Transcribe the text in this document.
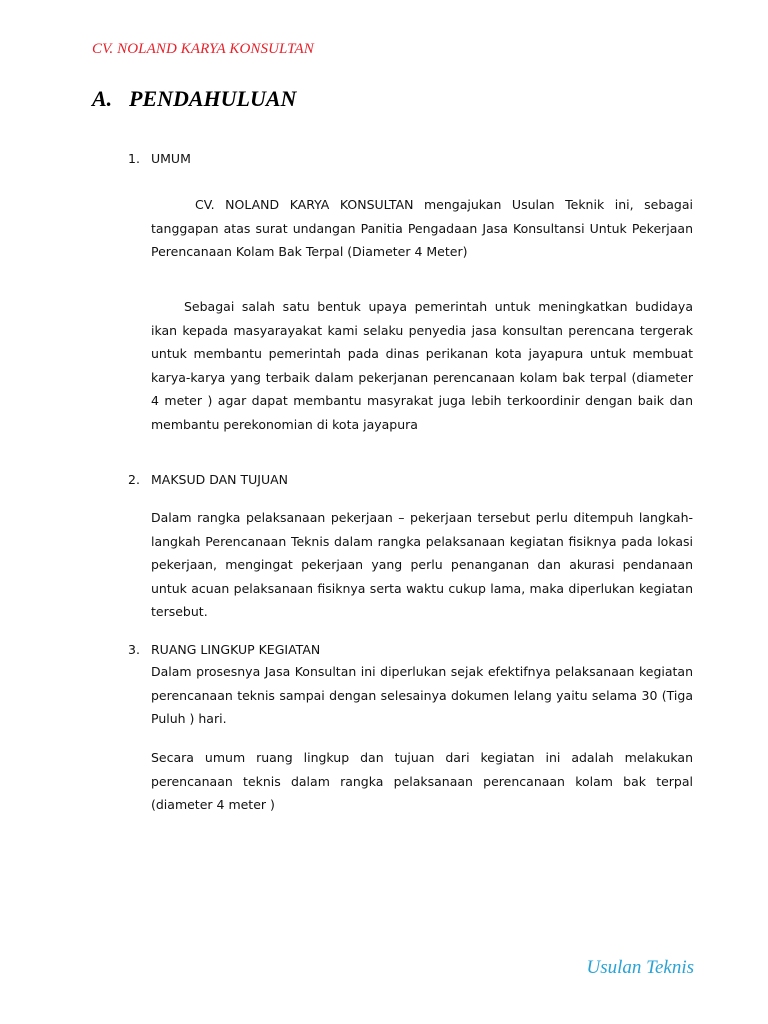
CV. NOLAND KARYA KONSULTAN
A. PENDAHULUAN
1. UMUM

CV. NOLAND KARYA KONSULTAN mengajukan Usulan Teknik ini, sebagai tanggapan atas surat undangan Panitia Pengadaan Jasa Konsultansi Untuk Pekerjaan Perencanaan Kolam Bak Terpal (Diameter 4 Meter)

Sebagai salah satu bentuk upaya pemerintah untuk meningkatkan budidaya ikan kepada masyarayakat kami selaku penyedia jasa konsultan perencana tergerak untuk membantu pemerintah pada dinas perikanan kota jayapura untuk membuat karya-karya yang terbaik dalam pekerjanan perencanaan kolam bak terpal (diameter 4 meter ) agar dapat membantu masyrakat juga lebih terkoordinir dengan baik dan membantu perekonomian di kota jayapura

2. MAKSUD DAN TUJUAN

Dalam rangka pelaksanaan pekerjaan – pekerjaan tersebut perlu ditempuh langkah-langkah Perencanaan Teknis dalam rangka pelaksanaan kegiatan fisiknya pada lokasi pekerjaan, mengingat pekerjaan yang perlu penanganan dan akurasi pendanaan untuk acuan pelaksanaan fisiknya serta waktu cukup lama, maka diperlukan kegiatan tersebut.

3. RUANG LINGKUP KEGIATAN

Dalam prosesnya Jasa Konsultan ini diperlukan sejak efektifnya pelaksanaan kegiatan perencanaan teknis sampai dengan selesainya dokumen lelang yaitu selama 30 (Tiga Puluh ) hari.

Secara umum ruang lingkup dan tujuan dari kegiatan ini adalah melakukan perencanaan teknis dalam rangka pelaksanaan perencanaan kolam bak terpal (diameter 4 meter )

Usulan Teknis
